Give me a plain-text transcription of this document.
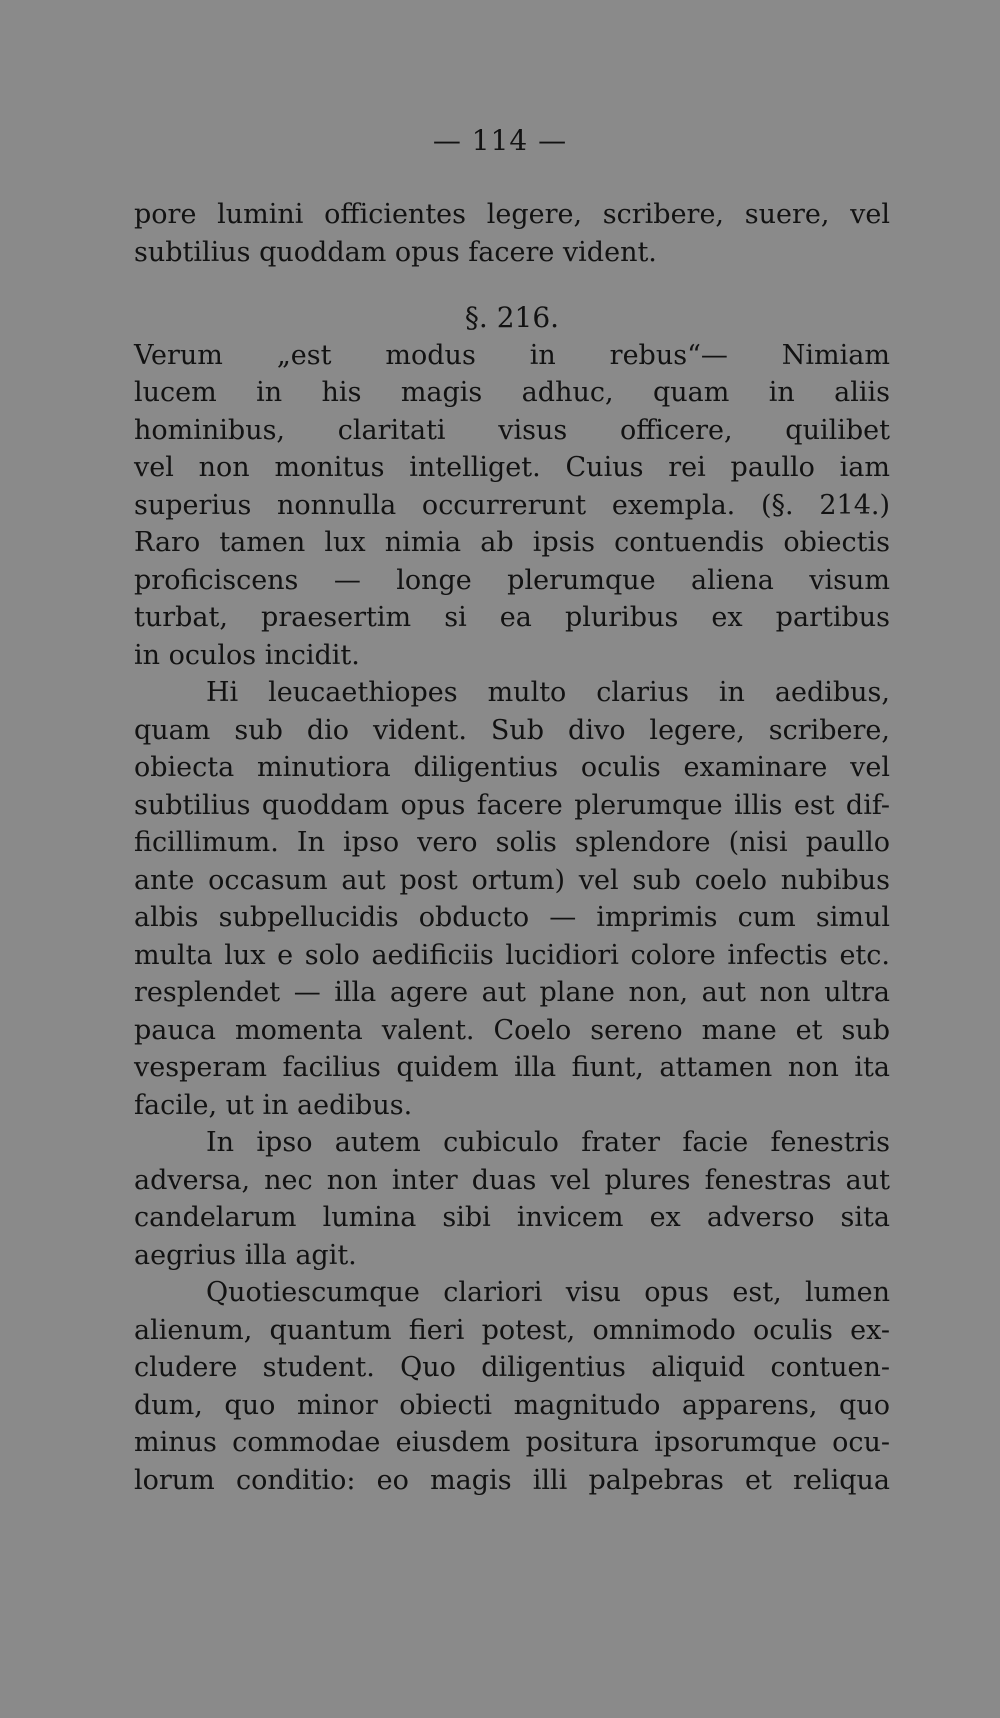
— 114 —
pore lumini officientes legere, scribere, suere, vel
subtilius quoddam opus facere vident.
§. 216.
Verum „est modus in rebus“— Nimiam
lucem in his magis adhuc, quam in aliis
hominibus, claritati visus officere, quilibet
vel non monitus intelliget. Cuius rei paullo iam
superius nonnulla occurrerunt exempla. (§. 214.)
Raro tamen lux nimia ab ipsis contuendis obiectis
proficiscens — longe plerumque aliena visum
turbat, praesertim si ea pluribus ex partibus
in oculos incidit.
Hi leucaethiopes multo clarius in aedibus,
quam sub dio vident. Sub divo legere, scribere,
obiecta minutiora diligentius oculis examinare vel
subtilius quoddam opus facere plerumque illis est dif-
ficillimum. In ipso vero solis splendore (nisi paullo
ante occasum aut post ortum) vel sub coelo nubibus
albis subpellucidis obducto — imprimis cum simul
multa lux e solo aedificiis lucidiori colore infectis etc.
resplendet — illa agere aut plane non, aut non ultra
pauca momenta valent. Coelo sereno mane et sub
vesperam facilius quidem illa fiunt, attamen non ita
facile, ut in aedibus.
In ipso autem cubiculo frater facie fenestris
adversa, nec non inter duas vel plures fenestras aut
candelarum lumina sibi invicem ex adverso sita
aegrius illa agit.
Quotiescumque clariori visu opus est, lumen
alienum, quantum fieri potest, omnimodo oculis ex-
cludere student. Quo diligentius aliquid contuen-
dum, quo minor obiecti magnitudo apparens, quo
minus commodae eiusdem positura ipsorumque ocu-
lorum conditio: eo magis illi palpebras et reliqua
